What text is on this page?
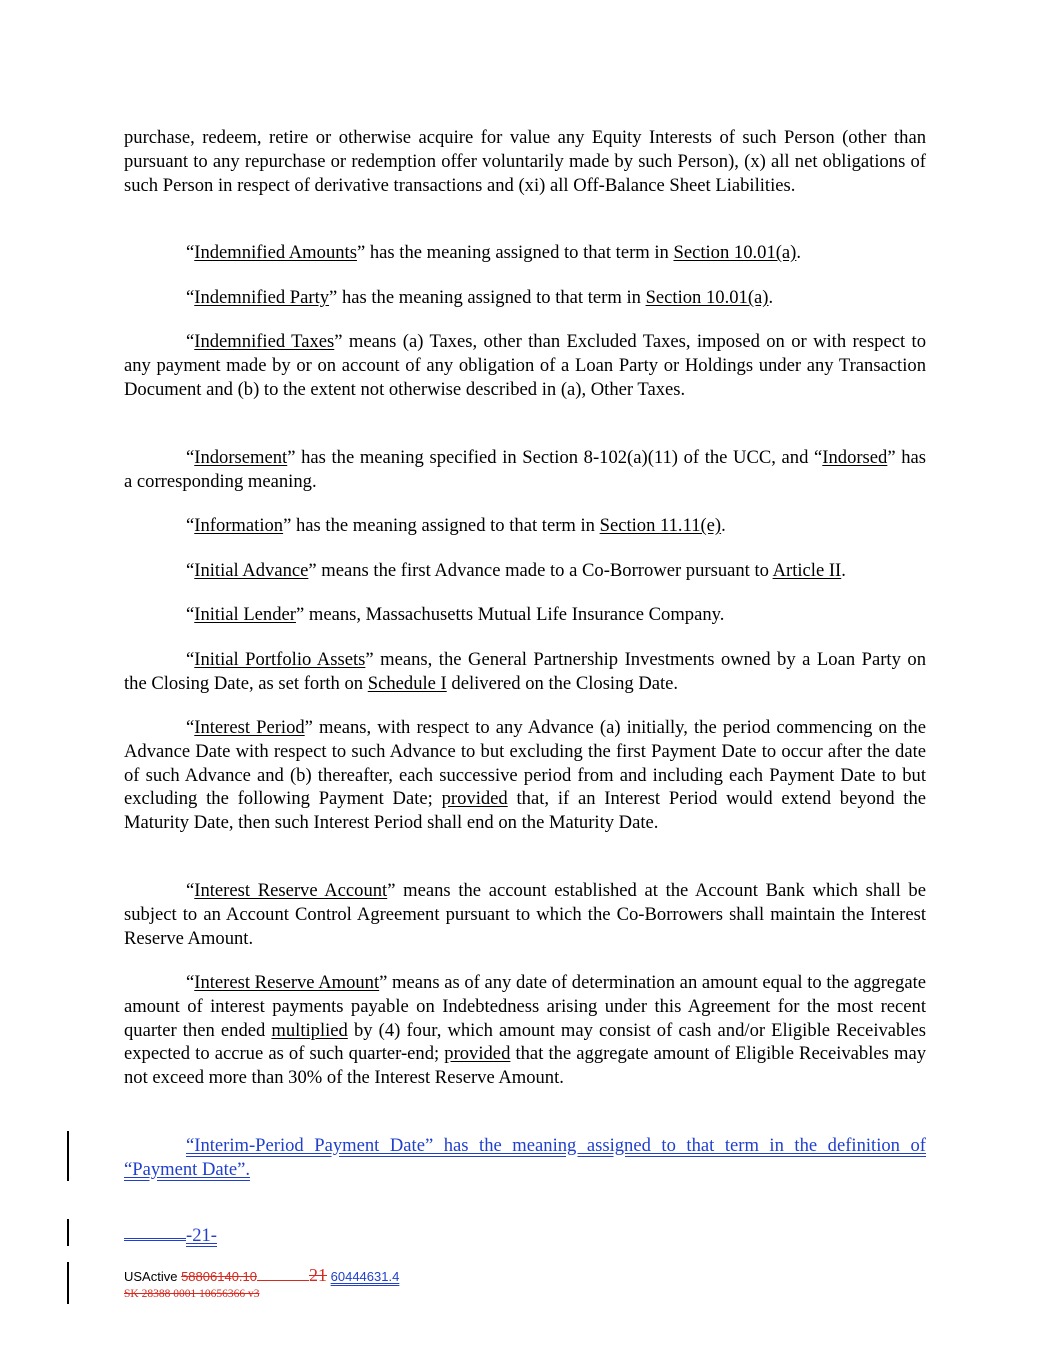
purchase, redeem, retire or otherwise acquire for value any Equity Interests of such Person (other than pursuant to any repurchase or redemption offer voluntarily made by such Person), (x) all net obligations of such Person in respect of derivative transactions and (xi) all Off-Balance Sheet Liabilities.

“Indemnified Amounts” has the meaning assigned to that term in Section 10.01(a).

“Indemnified Party” has the meaning assigned to that term in Section 10.01(a).

“Indemnified Taxes” means (a) Taxes, other than Excluded Taxes, imposed on or with respect to any payment made by or on account of any obligation of a Loan Party or Holdings under any Transaction Document and (b) to the extent not otherwise described in (a), Other Taxes.

“Indorsement” has the meaning specified in Section 8-102(a)(11) of the UCC, and “Indorsed” has a corresponding meaning.

“Information” has the meaning assigned to that term in Section 11.11(e).

“Initial Advance” means the first Advance made to a Co-Borrower pursuant to Article II.

“Initial Lender” means, Massachusetts Mutual Life Insurance Company.

“Initial Portfolio Assets” means, the General Partnership Investments owned by a Loan Party on the Closing Date, as set forth on Schedule I delivered on the Closing Date.

“Interest Period” means, with respect to any Advance (a) initially, the period commencing on the Advance Date with respect to such Advance to but excluding the first Payment Date to occur after the date of such Advance and (b) thereafter, each successive period from and including each Payment Date to but excluding the following Payment Date; provided that, if an Interest Period would extend beyond the Maturity Date, then such Interest Period shall end on the Maturity Date.

“Interest Reserve Account” means the account established at the Account Bank which shall be subject to an Account Control Agreement pursuant to which the Co-Borrowers shall maintain the Interest Reserve Amount.

“Interest Reserve Amount” means as of any date of determination an amount equal to the aggregate amount of interest payments payable on Indebtedness arising under this Agreement for the most recent quarter then ended multiplied by (4) four, which amount may consist of cash and/or Eligible Receivables expected to accrue as of such quarter-end; provided that the aggregate amount of Eligible Receivables may not exceed more than 30% of the Interest Reserve Amount.

“Interim-Period Payment Date” has the meaning assigned to that term in the definition of “Payment Date”.

-21-
USActive 58806140.10	21 60444631.4
SK 28388 0001 10656366 v3
